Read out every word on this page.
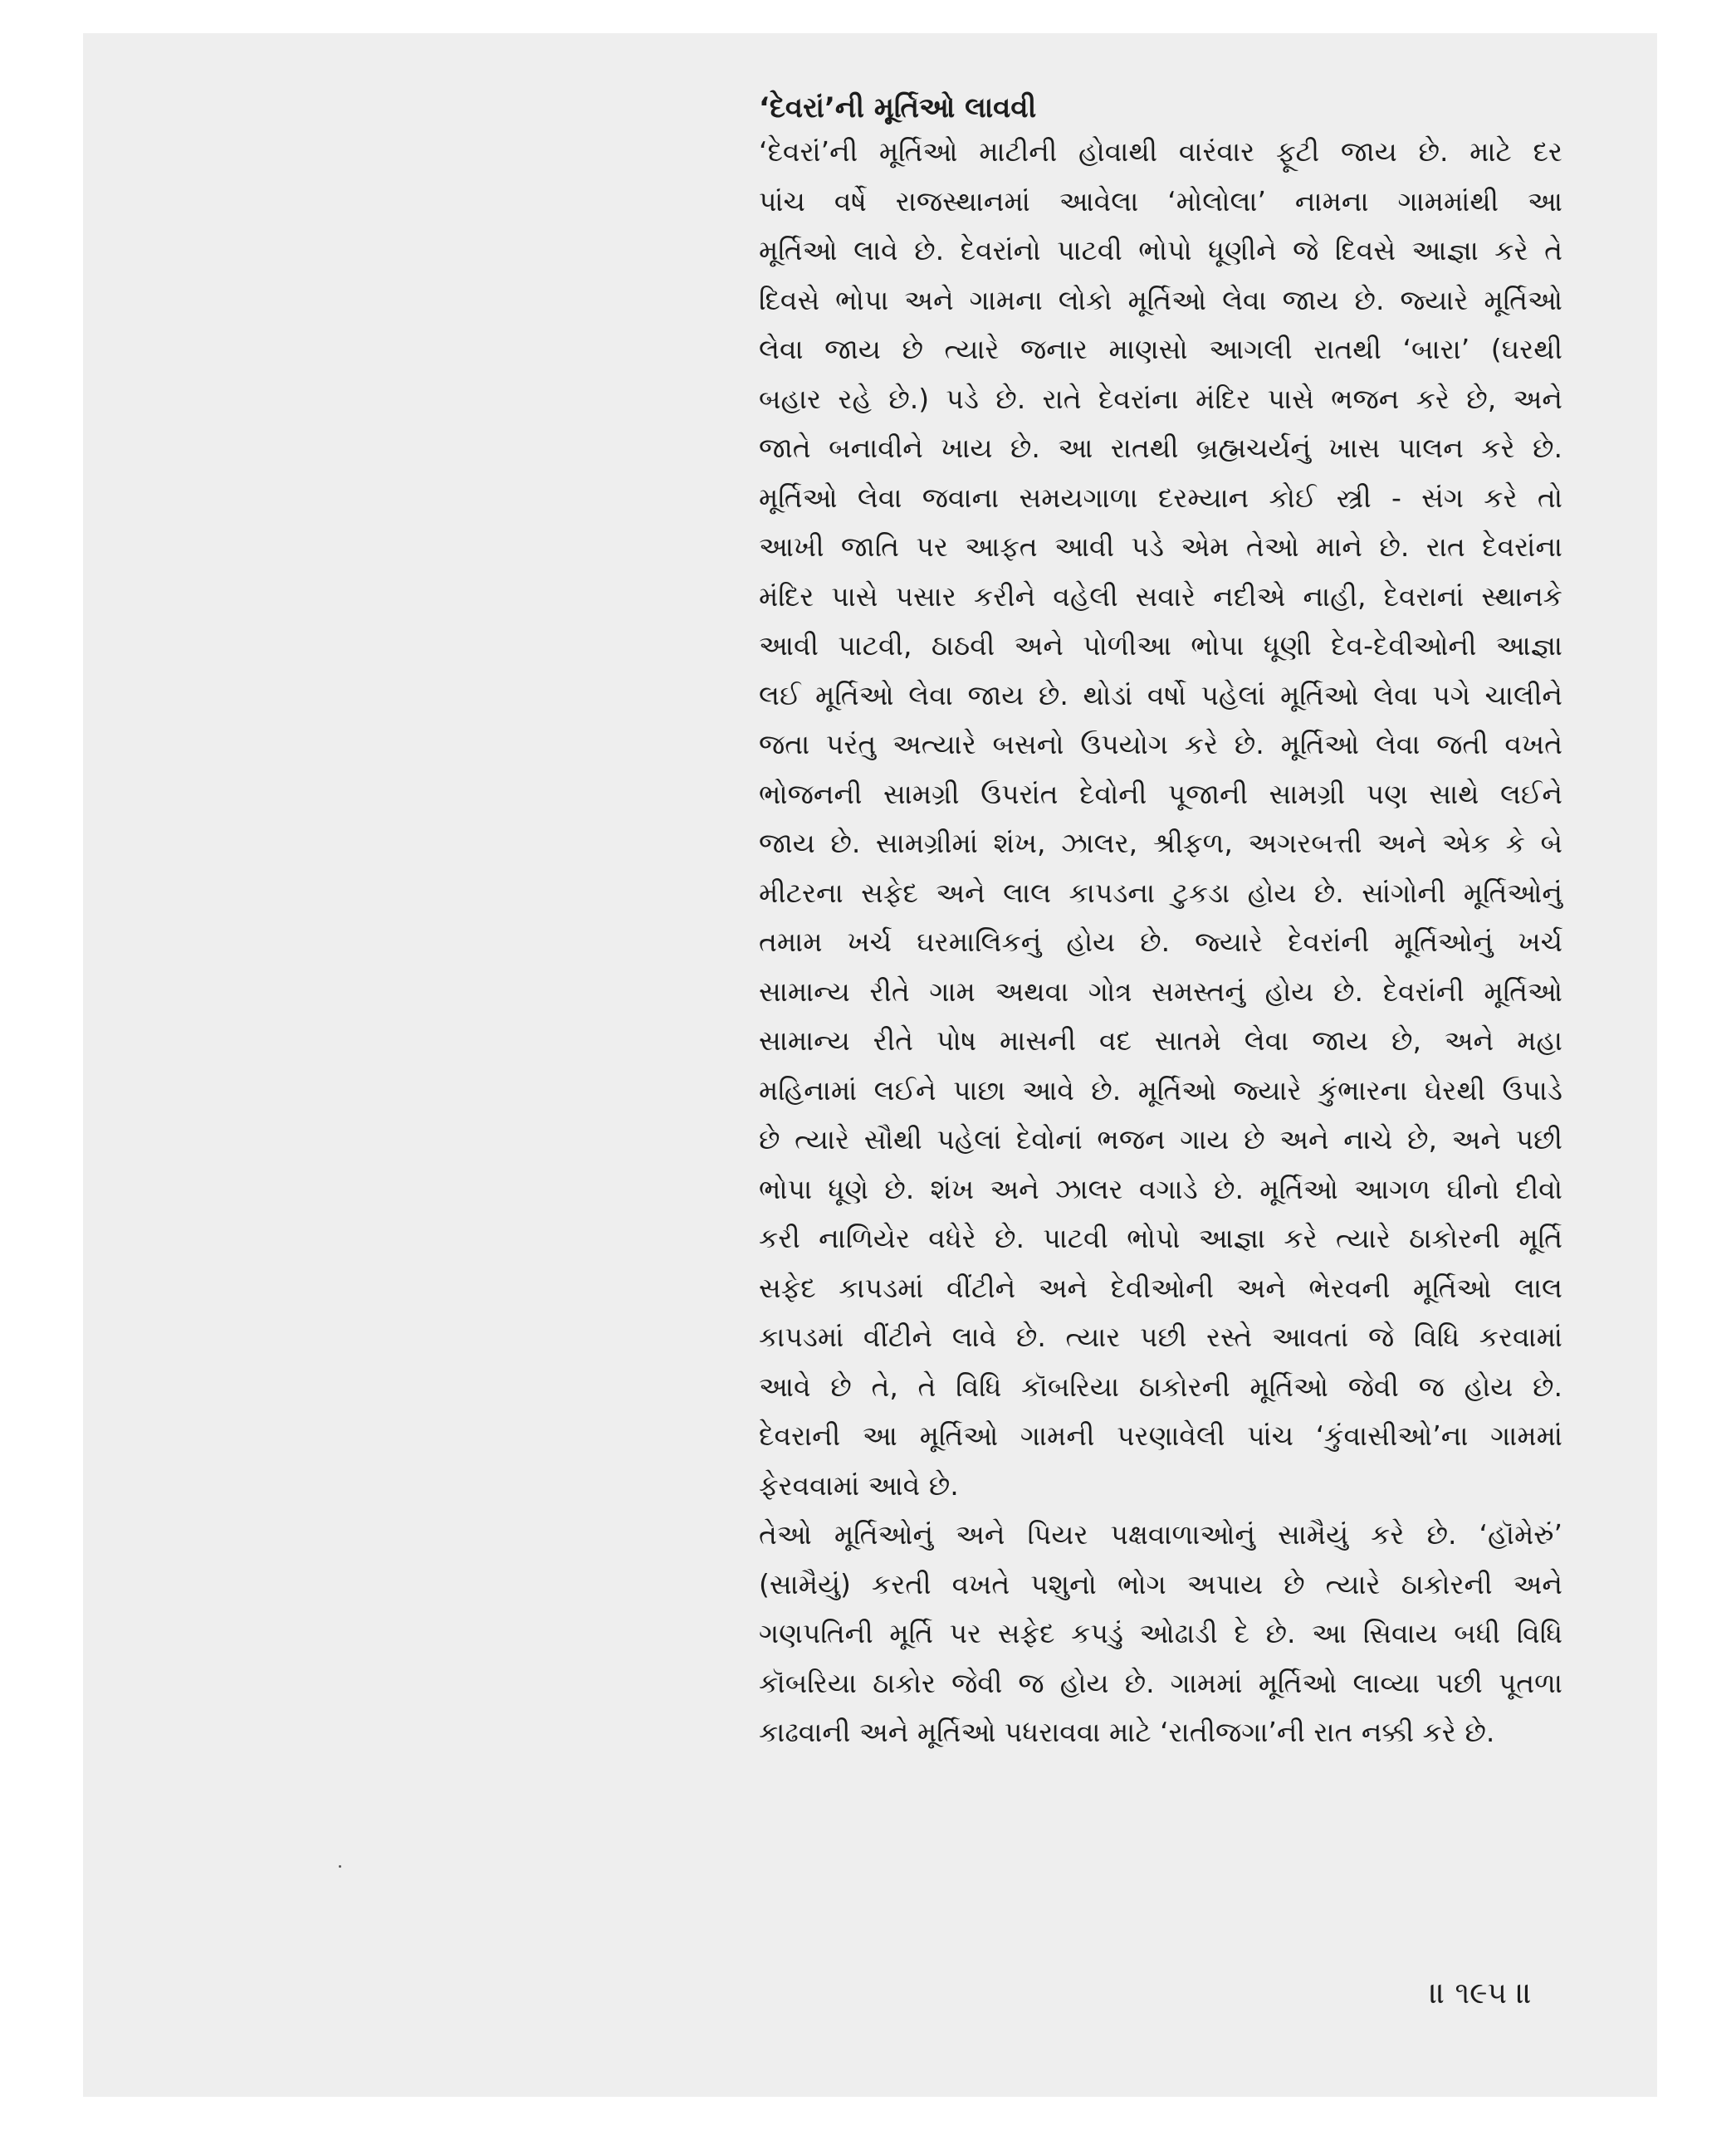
‘દેવરાં’ની મૂર્તિઓ લાવવી
‘દેવરાં’ની મૂર્તિઓ માટીની હોવાથી વારંવાર ફૂટી જાય છે. માટે દર
પાંચ વર્ષે રાજસ્થાનમાં આવેલા ‘મોલોલા’ નામના ગામમાંથી આ
મૂર્તિઓ લાવે છે. દેવરાંનો પાટવી ભોપો ધૂણીને જે દિવસે આજ્ઞા કરે તે
દિવસે ભોપા અને ગામના લોકો મૂર્તિઓ લેવા જાય છે. જ્યારે મૂર્તિઓ
લેવા જાય છે ત્યારે જનાર માણસો આગલી રાતથી ‘બારા’ (ઘરથી
બહાર રહે છે.) પડે છે. રાતે દેવરાંના મંદિર પાસે ભજન કરે છે, અને
જાતે બનાવીને ખાય છે. આ રાતથી બ્રહ્મચર્યનું ખાસ પાલન કરે છે.
મૂર્તિઓ લેવા જવાના સમયગાળા દરમ્યાન કોઈ સ્ત્રી - સંગ કરે તો
આખી જાતિ પર આફત આવી પડે એમ તેઓ માને છે. રાત દેવરાંના
મંદિર પાસે પસાર કરીને વહેલી સવારે નદીએ નાહી, દેવરાનાં સ્થાનકે
આવી પાટવી, ઠાઠવી અને પોળીઆ ભોપા ધૂણી દેવ-દેવીઓની આજ્ઞા
લઈ મૂર્તિઓ લેવા જાય છે. થોડાં વર્ષો પહેલાં મૂર્તિઓ લેવા પગે ચાલીને
જતા પરંતુ અત્યારે બસનો ઉપયોગ કરે છે. મૂર્તિઓ લેવા જતી વખતે
ભોજનની સામગ્રી ઉપરાંત દેવોની પૂજાની સામગ્રી પણ સાથે લઈને
જાય છે. સામગ્રીમાં શંખ, ઝાલર, શ્રીફળ, અગરબત્તી અને એક કે બે
મીટરના સફેદ અને લાલ કાપડના ટુકડા હોય છે. સાંગોની મૂર્તિઓનું
તમામ ખર્ચ ઘરમાલિકનું હોય છે. જ્યારે દેવરાંની મૂર્તિઓનું ખર્ચ
સામાન્ય રીતે ગામ અથવા ગોત્ર સમસ્તનું હોય છે. દેવરાંની મૂર્તિઓ
સામાન્ય રીતે પોષ માસની વદ સાતમે લેવા જાય છે, અને મહા
મહિનામાં લઈને પાછા આવે છે. મૂર્તિઓ જ્યારે કુંભારના ઘેરથી ઉપાડે
છે ત્યારે સૌથી પહેલાં દેવોનાં ભજન ગાય છે અને નાચે છે, અને પછી
ભોપા ધૂણે છે. શંખ અને ઝાલર વગાડે છે. મૂર્તિઓ આગળ ઘીનો દીવો
કરી નાળિયેર વધેરે છે. પાટવી ભોપો આજ્ઞા કરે ત્યારે ઠાકોરની મૂર્તિ
સફેદ કાપડમાં વીંટીને અને દેવીઓની અને ભેરવની મૂર્તિઓ લાલ
કાપડમાં વીંટીને લાવે છે. ત્યાર પછી રસ્તે આવતાં જે વિધિ કરવામાં
આવે છે તે, તે વિધિ કૉબરિયા ઠાકોરની મૂર્તિઓ જેવી જ હોય છે.
દેવરાની આ મૂર્તિઓ ગામની પરણાવેલી પાંચ ‘કુંવાસીઓ’ના ગામમાં
ફેરવવામાં આવે છે.
તેઓ મૂર્તિઓનું અને પિયર પક્ષવાળાઓનું સામૈયું કરે છે. ‘હૉમેરું’
(સામૈયું) કરતી વખતે પશુનો ભોગ અપાય છે ત્યારે ઠાકોરની અને
ગણપતિની મૂર્તિ પર સફેદ કપડું ઓઢાડી દે છે. આ સિવાય બધી વિધિ
કૉબરિયા ઠાકોર જેવી જ હોય છે. ગામમાં મૂર્તિઓ લાવ્યા પછી પૂતળા
કાઢવાની અને મૂર્તિઓ પધરાવવા માટે ‘રાતીજગા’ની રાત નક્કી કરે છે.
॥ ૧૯૫ ॥
